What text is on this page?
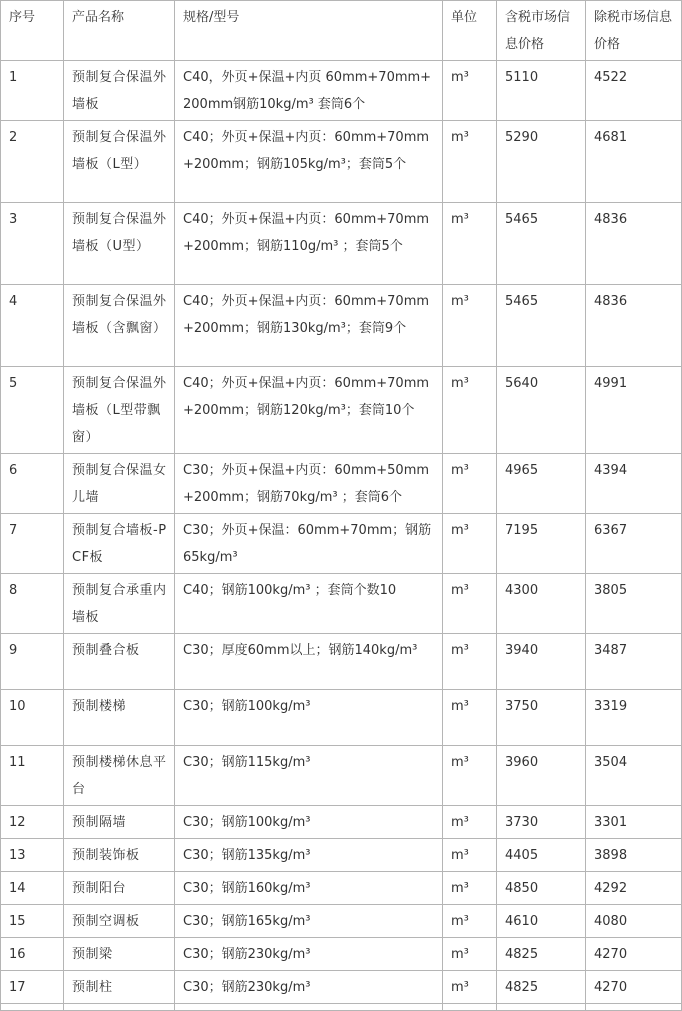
序号	产品名称	规格/型号	单位	含税市场信息价格	除税市场信息价格
1	预制复合保温外墙板	C40，外页+保温+内页 60mm+70mm+200mm钢筋10kg/m³ 套筒6个	m³	5110	4522
2	预制复合保温外墙板（L型）	C40；外页+保温+内页：60mm+70mm+200mm；钢筋105kg/m³；套筒5个	m³	5290	4681
3	预制复合保温外墙板（U型）	C40；外页+保温+内页：60mm+70mm+200mm；钢筋110g/m³ ；套筒5个	m³	5465	4836
4	预制复合保温外墙板（含飘窗）	C40；外页+保温+内页：60mm+70mm+200mm；钢筋130kg/m³；套筒9个	m³	5465	4836
5	预制复合保温外墙板（L型带飘窗）	C40；外页+保温+内页：60mm+70mm+200mm；钢筋120kg/m³；套筒10个	m³	5640	4991
6	预制复合保温女儿墙	C30；外页+保温+内页：60mm+50mm+200mm；钢筋70kg/m³ ；套筒6个	m³	4965	4394
7	预制复合墙板-PCF板	C30；外页+保温：60mm+70mm；钢筋65kg/m³	m³	7195	6367
8	预制复合承重内墙板	C40；钢筋100kg/m³ ；套筒个数10	m³	4300	3805
9	预制叠合板	C30；厚度60mm以上；钢筋140kg/m³	m³	3940	3487
10	预制楼梯	C30；钢筋100kg/m³	m³	3750	3319
11	预制楼梯休息平台	C30；钢筋115kg/m³	m³	3960	3504
12	预制隔墙	C30；钢筋100kg/m³	m³	3730	3301
13	预制装饰板	C30；钢筋135kg/m³	m³	4405	3898
14	预制阳台	C30；钢筋160kg/m³	m³	4850	4292
15	预制空调板	C30；钢筋165kg/m³	m³	4610	4080
16	预制梁	C30；钢筋230kg/m³	m³	4825	4270
17	预制柱	C30；钢筋230kg/m³	m³	4825	4270
